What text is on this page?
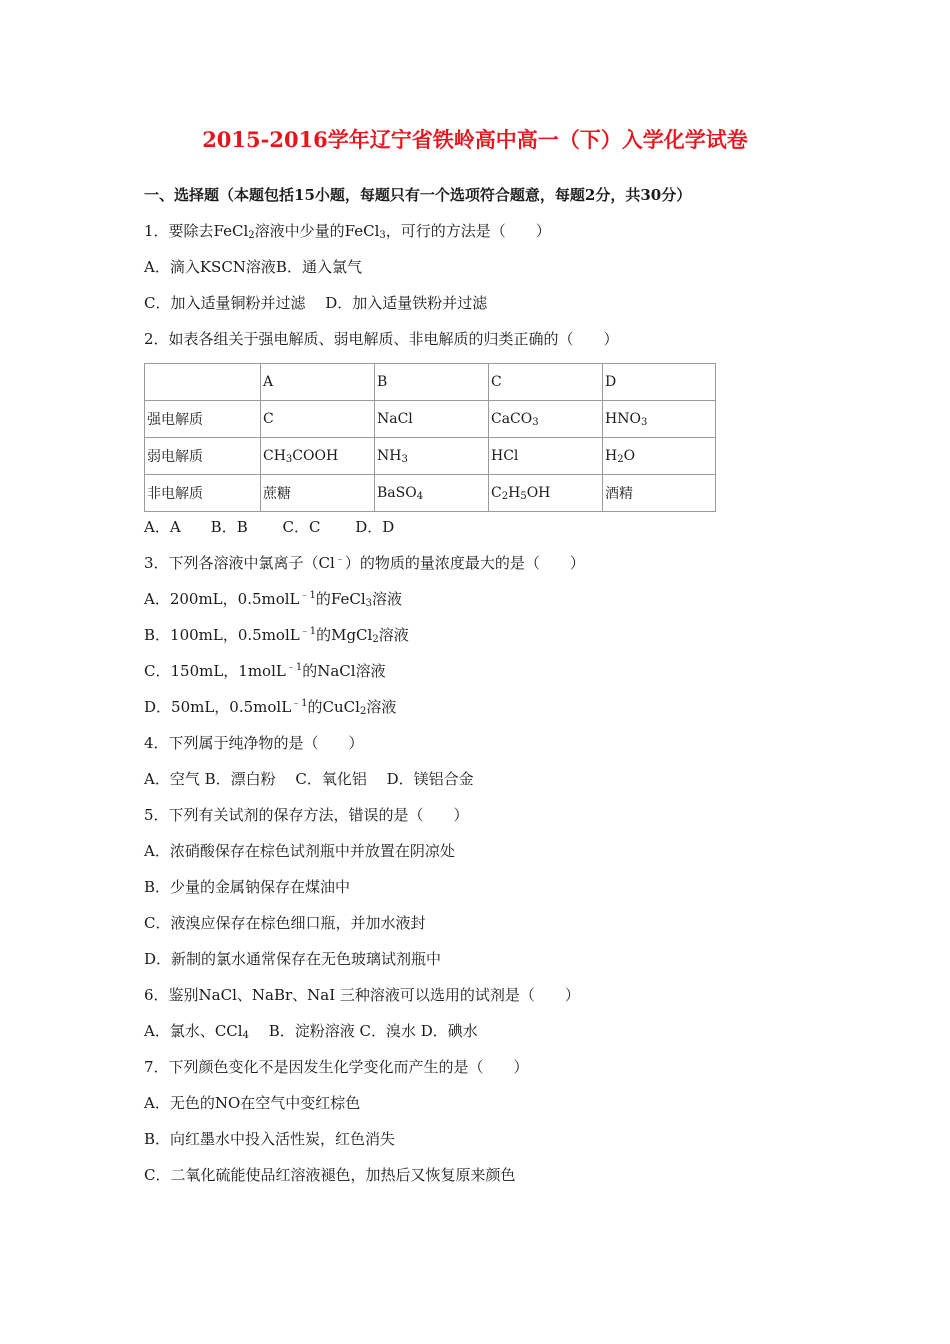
2015-2016学年辽宁省铁岭高中高一（下）入学化学试卷
一、选择题（本题包括15小题，每题只有一个选项符合题意，每题2分，共30分）
1．要除去FeCl$_2$溶液中少量的FeCl$_3$，可行的方法是（　　）
A．滴入KSCN溶液B．通入氯气
C．加入适量铜粉并过滤　 D．加入适量铁粉并过滤
2．如表各组关于强电解质、弱电解质、非电解质的归类正确的（　　）
	A	B	C	D
强电解质	C	NaCl	CaCO$_3$	$HNO_3$
弱电解质	$CH_3COOH$	$NH_3$	HCl	$H_2O$
非电解质	蔗糖	BaSO$_4$	$C_2H_5OH$	酒精
A．A　　B．B　　 C．C　　 D．D
3．下列各溶液中氯离子（Cl﹣）的物质的量浓度最大的是（　　）
A．200mL，0.5molL$^{﹣1}$的FeCl$_3$溶液
B．100mL，0.5molL$^{﹣1}$的MgCl$_2$溶液
C．150mL，1molL$^{﹣1}$的NaCl溶液
D．50mL，0.5molL$^{﹣1}$的CuCl$_2$溶液
4．下列属于纯净物的是（　　）
A．空气 B．漂白粉　 C．氧化铝　 D．镁铝合金
5．下列有关试剂的保存方法，错误的是（　　）
A．浓硝酸保存在棕色试剂瓶中并放置在阴凉处
B．少量的金属钠保存在煤油中
C．液溴应保存在棕色细口瓶，并加水液封
D．新制的氯水通常保存在无色玻璃试剂瓶中
6．鉴别NaCl、NaBr、NaI 三种溶液可以选用的试剂是（　　）
A．氯水、CCl$_4$　 B．淀粉溶液 C．溴水 D．碘水
7．下列颜色变化不是因发生化学变化而产生的是（　　）
A．无色的NO在空气中变红棕色
B．向红墨水中投入活性炭，红色消失
C．二氧化硫能使品红溶液褪色，加热后又恢复原来颜色
